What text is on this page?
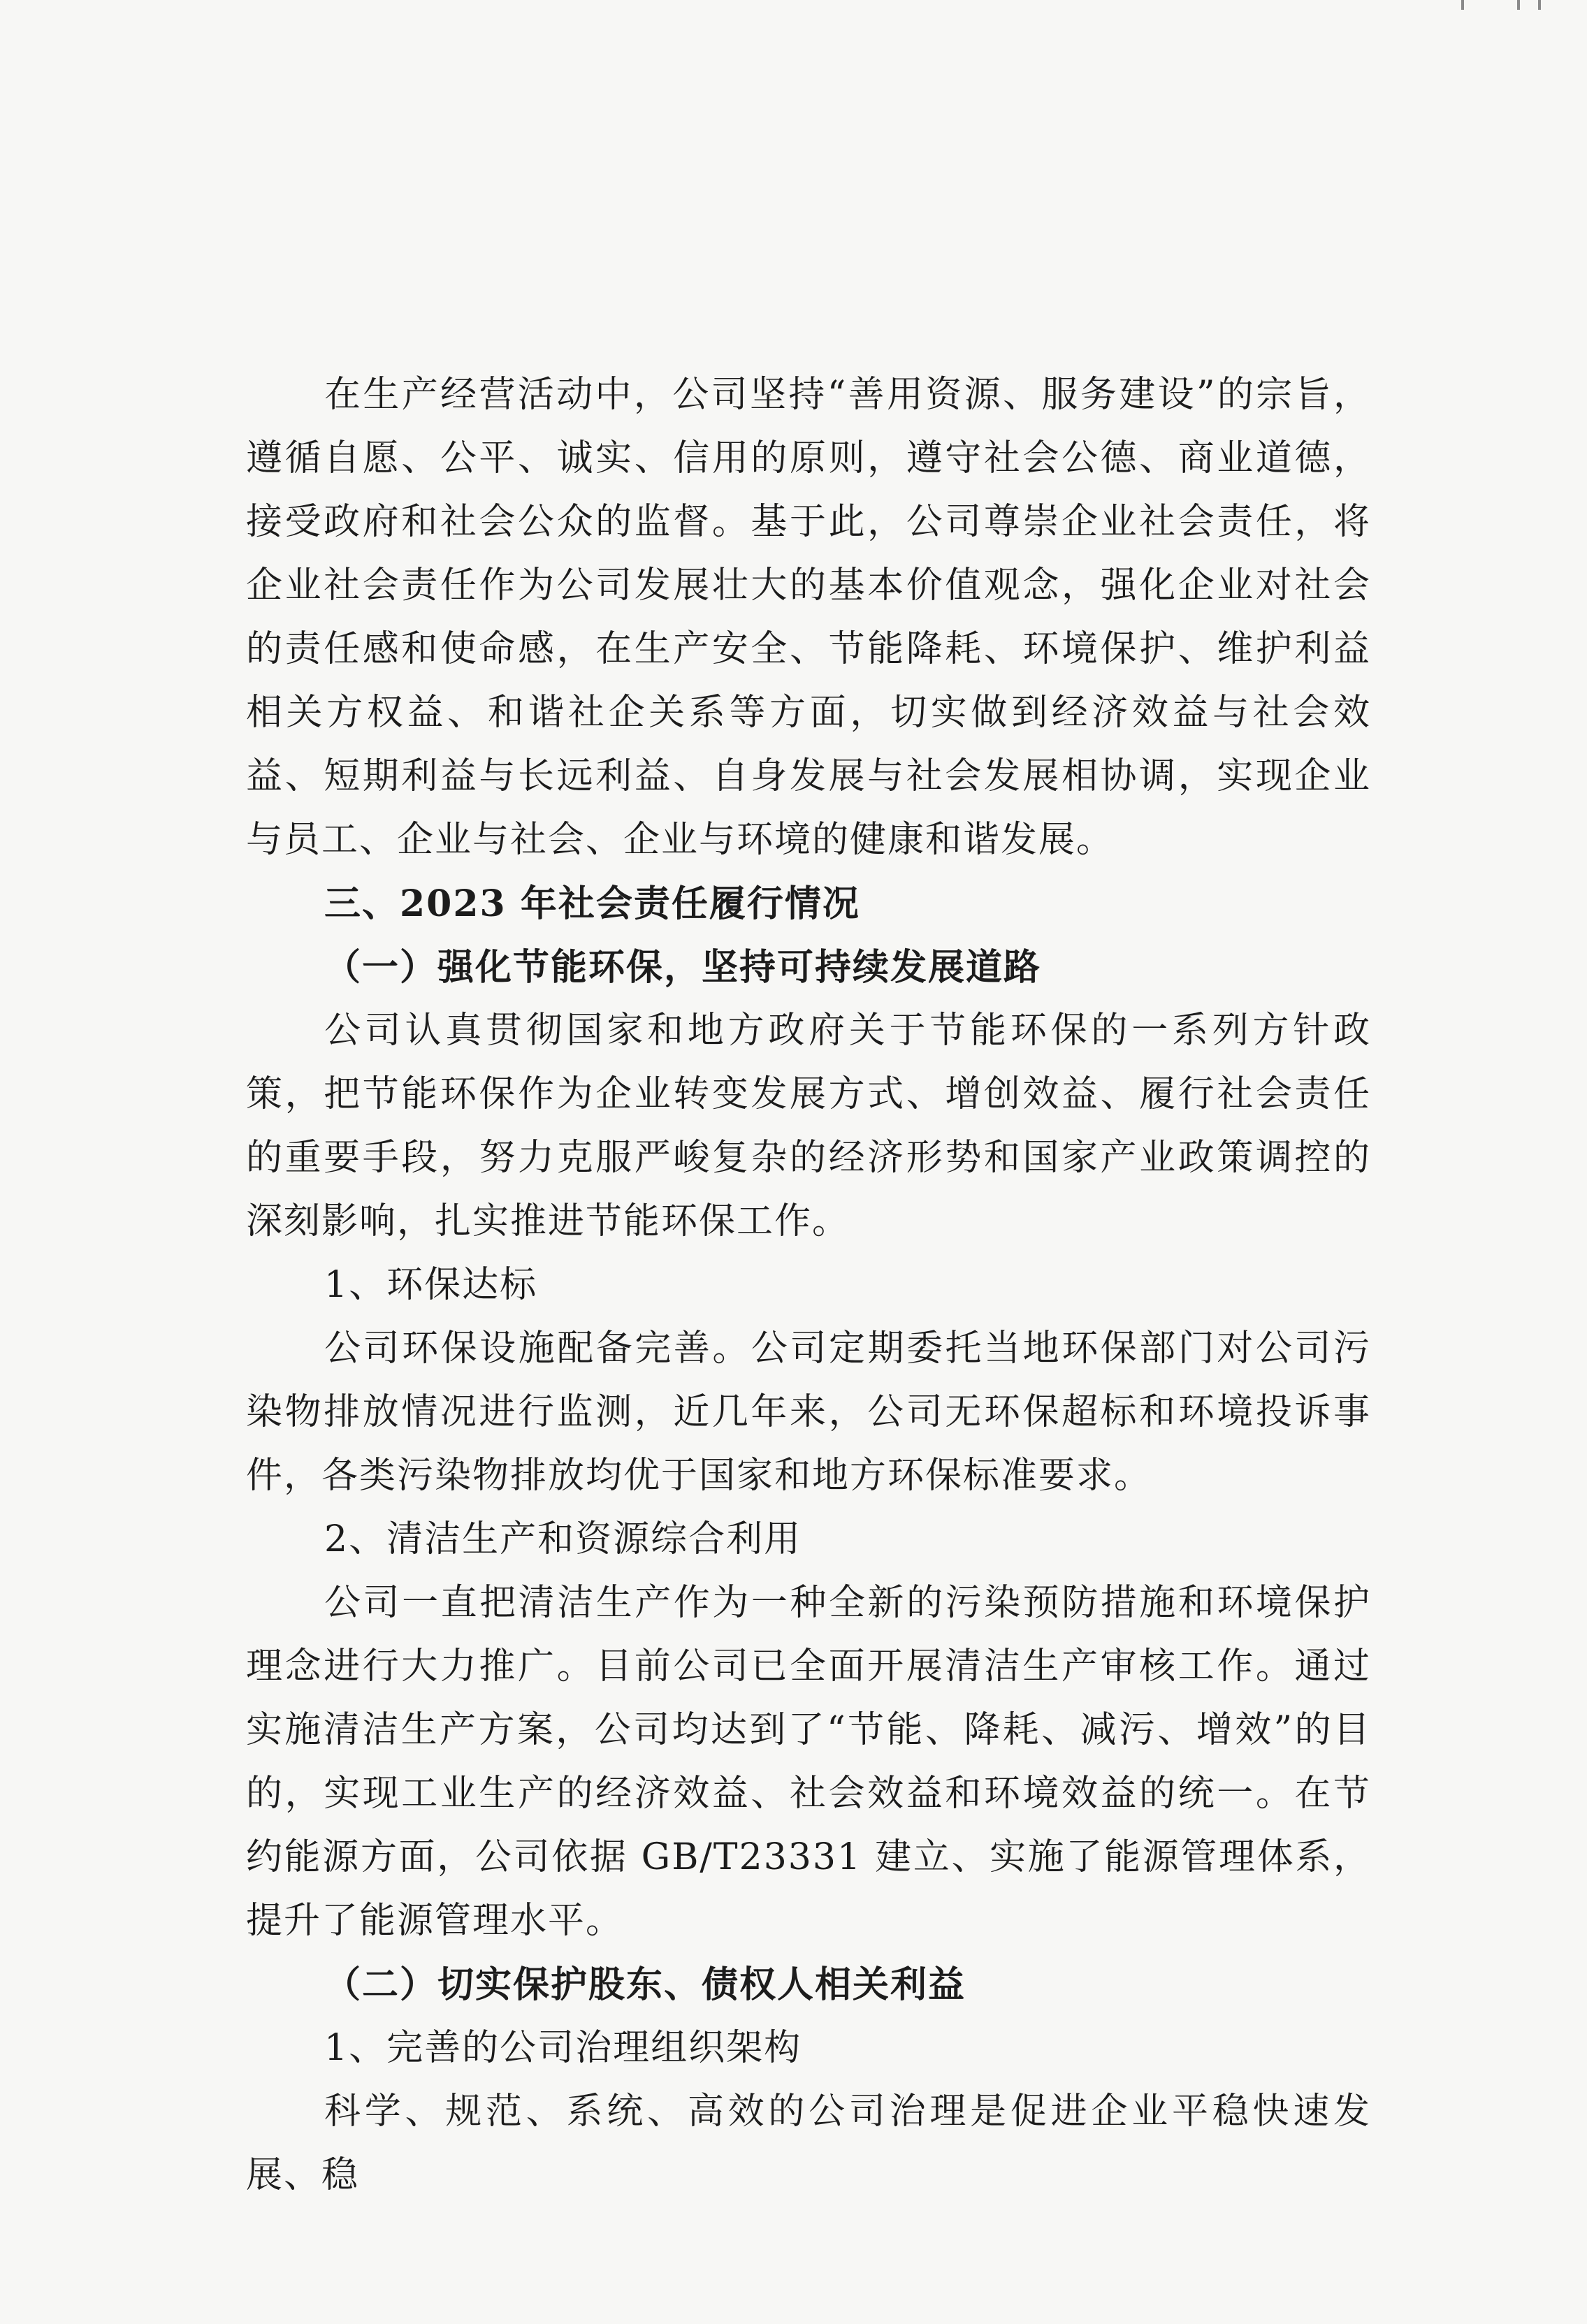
在生产经营活动中，公司坚持“善用资源、服务建设”的宗旨，遵循自愿、公平、诚实、信用的原则，遵守社会公德、商业道德，接受政府和社会公众的监督。基于此，公司尊崇企业社会责任，将企业社会责任作为公司发展壮大的基本价值观念，强化企业对社会的责任感和使命感，在生产安全、节能降耗、环境保护、维护利益相关方权益、和谐社企关系等方面，切实做到经济效益与社会效益、短期利益与长远利益、自身发展与社会发展相协调，实现企业与员工、企业与社会、企业与环境的健康和谐发展。

三、2023 年社会责任履行情况

（一）强化节能环保，坚持可持续发展道路

公司认真贯彻国家和地方政府关于节能环保的一系列方针政策，把节能环保作为企业转变发展方式、增创效益、履行社会责任的重要手段，努力克服严峻复杂的经济形势和国家产业政策调控的深刻影响，扎实推进节能环保工作。

1、环保达标

公司环保设施配备完善。公司定期委托当地环保部门对公司污染物排放情况进行监测，近几年来，公司无环保超标和环境投诉事件，各类污染物排放均优于国家和地方环保标准要求。

2、清洁生产和资源综合利用

公司一直把清洁生产作为一种全新的污染预防措施和环境保护理念进行大力推广。目前公司已全面开展清洁生产审核工作。通过实施清洁生产方案，公司均达到了“节能、降耗、减污、增效”的目的，实现工业生产的经济效益、社会效益和环境效益的统一。在节约能源方面，公司依据 GB/T23331 建立、实施了能源管理体系，提升了能源管理水平。

（二）切实保护股东、债权人相关利益

1、完善的公司治理组织架构

科学、规范、系统、高效的公司治理是促进企业平稳快速发展、稳
